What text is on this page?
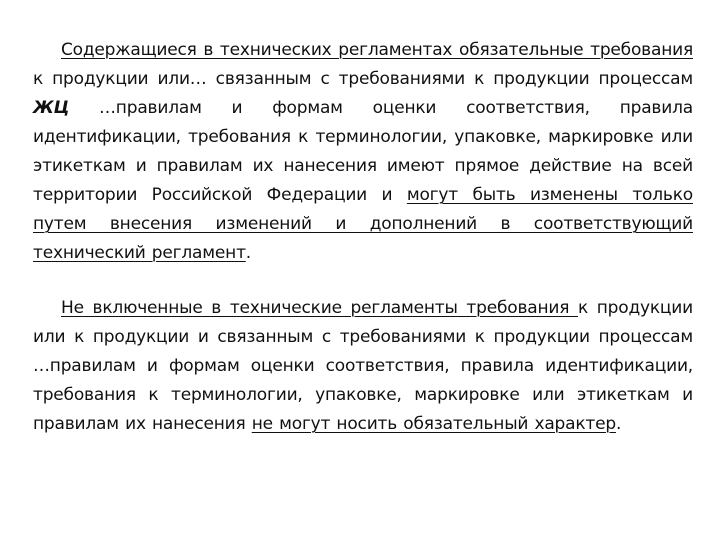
Содержащиеся в технических регламентах обязательные требования к продукции или… связанным с требованиями к продукции процессам ЖЦ …правилам и формам оценки соответствия, правила идентификации, требования к терминологии, упаковке, маркировке или этикеткам и правилам их нанесения имеют прямое действие на всей территории Российской Федерации и могут быть изменены только путем внесения изменений и дополнений в соответствующий технический регламент.

Не включенные в технические регламенты требования к продукции или к продукции и связанным с требованиями к продукции процессам …правилам и формам оценки соответствия, правила идентификации, требования к терминологии, упаковке, маркировке или этикеткам и правилам их нанесения не могут носить обязательный характер.
